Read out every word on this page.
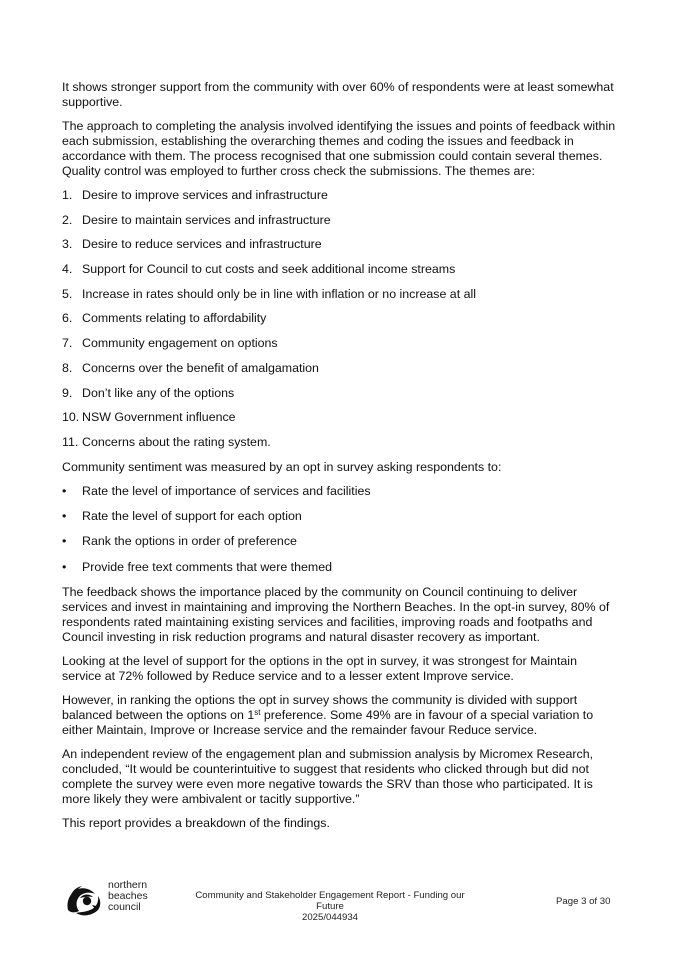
It shows stronger support from the community with over 60% of respondents were at least somewhat supportive.

The approach to completing the analysis involved identifying the issues and points of feedback within each submission, establishing the overarching themes and coding the issues and feedback in accordance with them. The process recognised that one submission could contain several themes. Quality control was employed to further cross check the submissions. The themes are:

1. Desire to improve services and infrastructure
2. Desire to maintain services and infrastructure
3. Desire to reduce services and infrastructure
4. Support for Council to cut costs and seek additional income streams
5. Increase in rates should only be in line with inflation or no increase at all
6. Comments relating to affordability
7. Community engagement on options
8. Concerns over the benefit of amalgamation
9. Don’t like any of the options
10. NSW Government influence
11. Concerns about the rating system.

Community sentiment was measured by an opt in survey asking respondents to:

•	Rate the level of importance of services and facilities
•	Rate the level of support for each option
•	Rank the options in order of preference
•	Provide free text comments that were themed

The feedback shows the importance placed by the community on Council continuing to deliver services and invest in maintaining and improving the Northern Beaches. In the opt-in survey, 80% of respondents rated maintaining existing services and facilities, improving roads and footpaths and Council investing in risk reduction programs and natural disaster recovery as important.

Looking at the level of support for the options in the opt in survey, it was strongest for Maintain service at 72% followed by Reduce service and to a lesser extent Improve service.

However, in ranking the options the opt in survey shows the community is divided with support balanced between the options on 1st preference. Some 49% are in favour of a special variation to either Maintain, Improve or Increase service and the remainder favour Reduce service.

An independent review of the engagement plan and submission analysis by Micromex Research, concluded, “It would be counterintuitive to suggest that residents who clicked through but did not complete the survey were even more negative towards the SRV than those who participated. It is more likely they were ambivalent or tacitly supportive.”

This report provides a breakdown of the findings.

northern
beaches
council
Community and Stakeholder Engagement Report - Funding our Future
2025/044934
Page 3 of 30
